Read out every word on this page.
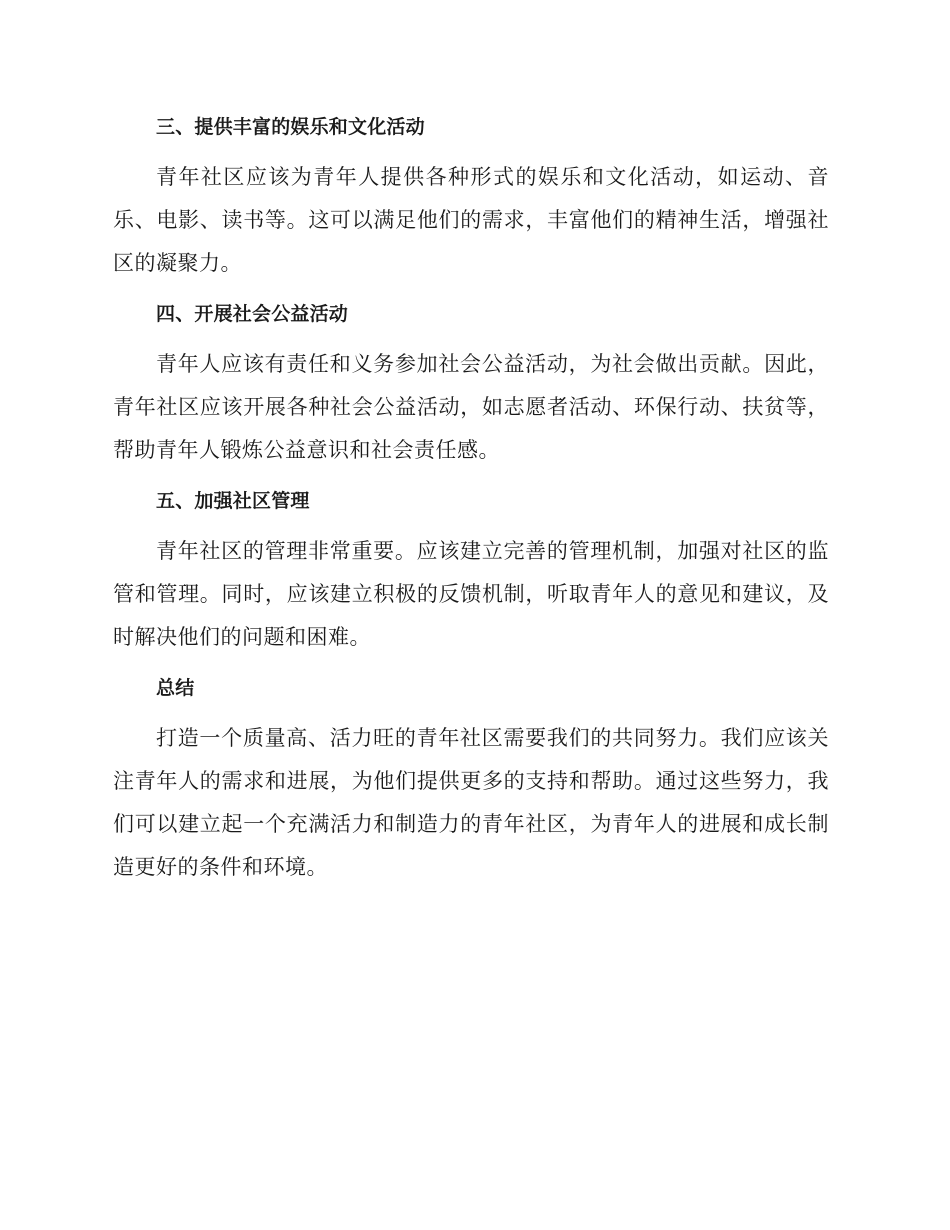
三、提供丰富的娱乐和文化活动

青年社区应该为青年人提供各种形式的娱乐和文化活动，如运动、音乐、电影、读书等。这可以满足他们的需求，丰富他们的精神生活，增强社区的凝聚力。

四、开展社会公益活动

青年人应该有责任和义务参加社会公益活动，为社会做出贡献。因此，青年社区应该开展各种社会公益活动，如志愿者活动、环保行动、扶贫等，帮助青年人锻炼公益意识和社会责任感。

五、加强社区管理

青年社区的管理非常重要。应该建立完善的管理机制，加强对社区的监管和管理。同时，应该建立积极的反馈机制，听取青年人的意见和建议，及时解决他们的问题和困难。

总结

打造一个质量高、活力旺的青年社区需要我们的共同努力。我们应该关注青年人的需求和进展，为他们提供更多的支持和帮助。通过这些努力，我们可以建立起一个充满活力和制造力的青年社区，为青年人的进展和成长制造更好的条件和环境。
